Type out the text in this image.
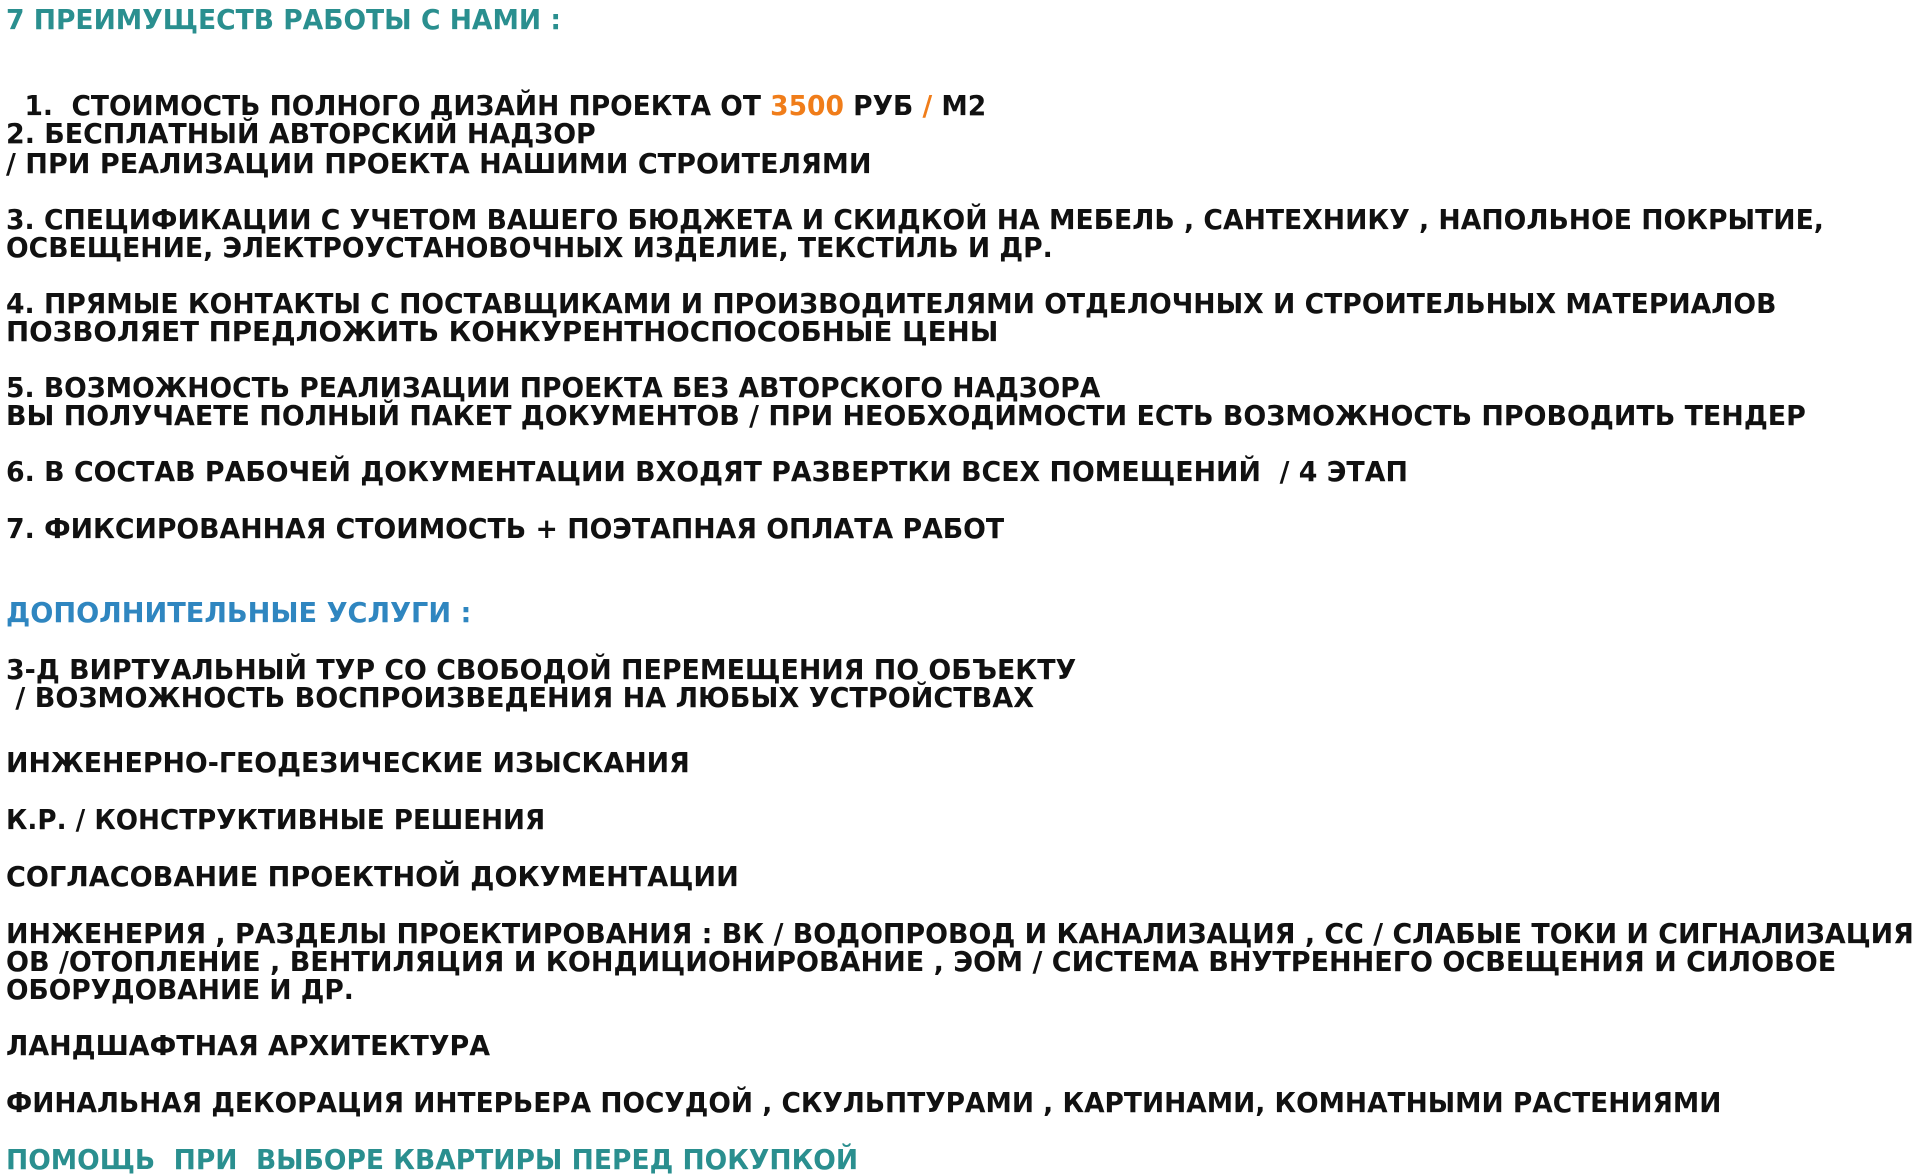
7 ПРЕИМУЩЕСТВ РАБОТЫ С НАМИ :

1.  СТОИМОСТЬ ПОЛНОГО ДИЗАЙН ПРОЕКТА ОТ 3500 РУБ / М2

2. БЕСПЛАТНЫЙ АВТОРСКИЙ НАДЗОР
/ ПРИ РЕАЛИЗАЦИИ ПРОЕКТА НАШИМИ СТРОИТЕЛЯМИ
3. СПЕЦИФИКАЦИИ С УЧЕТОМ ВАШЕГО БЮДЖЕТА И СКИДКОЙ НА МЕБЕЛЬ , САНТЕХНИКУ , НАПОЛЬНОЕ ПОКРЫТИЕ,
ОСВЕЩЕНИЕ, ЭЛЕКТРОУСТАНОВОЧНЫХ ИЗДЕЛИЕ, ТЕКСТИЛЬ И ДР.
4. ПРЯМЫЕ КОНТАКТЫ С ПОСТАВЩИКАМИ И ПРОИЗВОДИТЕЛЯМИ ОТДЕЛОЧНЫХ И СТРОИТЕЛЬНЫХ МАТЕРИАЛОВ
ПОЗВОЛЯЕТ ПРЕДЛОЖИТЬ КОНКУРЕНТНОСПОСОБНЫЕ ЦЕНЫ
5. ВОЗМОЖНОСТЬ РЕАЛИЗАЦИИ ПРОЕКТА БЕЗ АВТОРСКОГО НАДЗОРА
ВЫ ПОЛУЧАЕТЕ ПОЛНЫЙ ПАКЕТ ДОКУМЕНТОВ / ПРИ НЕОБХОДИМОСТИ ЕСТЬ ВОЗМОЖНОСТЬ ПРОВОДИТЬ ТЕНДЕР
6. В СОСТАВ РАБОЧЕЙ ДОКУМЕНТАЦИИ ВХОДЯТ РАЗВЕРТКИ ВСЕХ ПОМЕЩЕНИЙ  / 4 ЭТАП
7. ФИКСИРОВАННАЯ СТОИМОСТЬ + ПОЭТАПНАЯ ОПЛАТА РАБОТ
ДОПОЛНИТЕЛЬНЫЕ УСЛУГИ :
3-Д ВИРТУАЛЬНЫЙ ТУР СО СВОБОДОЙ ПЕРЕМЕЩЕНИЯ ПО ОБЪЕКТУ
/ ВОЗМОЖНОСТЬ ВОСПРОИЗВЕДЕНИЯ НА ЛЮБЫХ УСТРОЙСТВАХ
ИНЖЕНЕРНО-ГЕОДЕЗИЧЕСКИЕ ИЗЫСКАНИЯ
К.Р. / КОНСТРУКТИВНЫЕ РЕШЕНИЯ
СОГЛАСОВАНИЕ ПРОЕКТНОЙ ДОКУМЕНТАЦИИ
ИНЖЕНЕРИЯ , РАЗДЕЛЫ ПРОЕКТИРОВАНИЯ : ВК / ВОДОПРОВОД И КАНАЛИЗАЦИЯ , СС / СЛАБЫЕ ТОКИ И СИГНАЛИЗАЦИЯ
ОВ /ОТОПЛЕНИЕ , ВЕНТИЛЯЦИЯ И КОНДИЦИОНИРОВАНИЕ , ЭОМ / СИСТЕМА ВНУТРЕННЕГО ОСВЕЩЕНИЯ И СИЛОВОЕ
ОБОРУДОВАНИЕ И ДР.
ЛАНДШАФТНАЯ АРХИТЕКТУРА
ФИНАЛЬНАЯ ДЕКОРАЦИЯ ИНТЕРЬЕРА ПОСУДОЙ , СКУЛЬПТУРАМИ , КАРТИНАМИ, КОМНАТНЫМИ РАСТЕНИЯМИ
ПОМОЩЬ  ПРИ  ВЫБОРЕ КВАРТИРЫ ПЕРЕД ПОКУПКОЙ
